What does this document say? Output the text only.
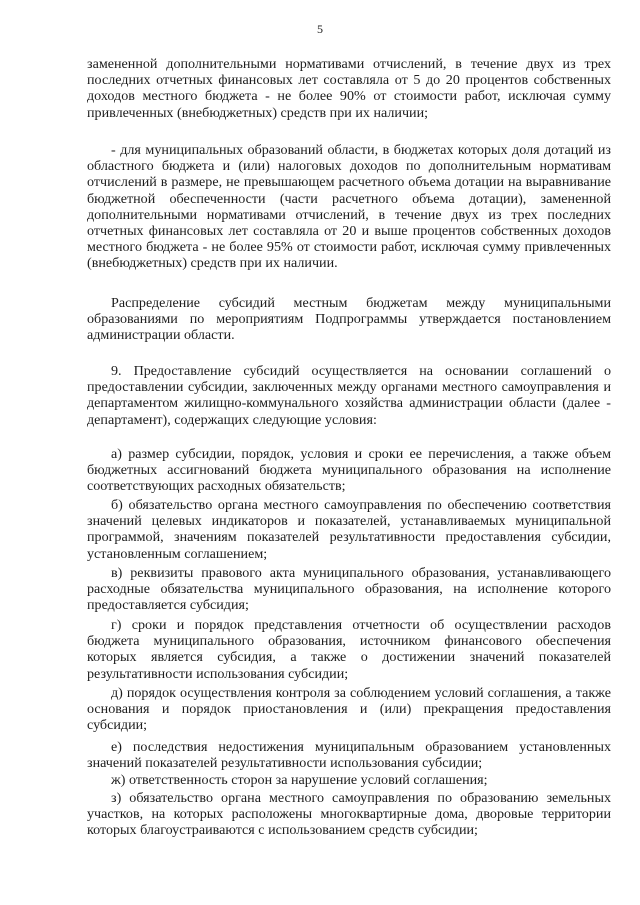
5

замененной дополнительными нормативами отчислений, в течение двух из трех последних отчетных финансовых лет составляла от 5 до 20 процентов собственных доходов местного бюджета - не более 90% от стоимости работ, исключая сумму привлеченных (внебюджетных) средств при их наличии;

- для муниципальных образований области, в бюджетах которых доля дотаций из областного бюджета и (или) налоговых доходов по дополнительным нормативам отчислений в размере, не превышающем расчетного объема дотации на выравнивание бюджетной обеспеченности (части расчетного объема дотации), замененной дополнительными нормативами отчислений, в течение двух из трех последних отчетных финансовых лет составляла от 20 и выше процентов собственных доходов местного бюджета - не более 95% от стоимости работ, исключая сумму привлеченных (внебюджетных) средств при их наличии.

Распределение субсидий местным бюджетам между муниципальными образованиями по мероприятиям Подпрограммы утверждается постановлением администрации области.

9. Предоставление субсидий осуществляется на основании соглашений о предоставлении субсидии, заключенных между органами местного самоуправления и департаментом жилищно-коммунального хозяйства администрации области (далее - департамент), содержащих следующие условия:

а) размер субсидии, порядок, условия и сроки ее перечисления, а также объем бюджетных ассигнований бюджета муниципального образования на исполнение соответствующих расходных обязательств;

б) обязательство органа местного самоуправления по обеспечению соответствия значений целевых индикаторов и показателей, устанавливаемых муниципальной программой, значениям показателей результативности предоставления субсидии, установленным соглашением;

в) реквизиты правового акта муниципального образования, устанавливающего расходные обязательства муниципального образования, на исполнение которого предоставляется субсидия;

г) сроки и порядок представления отчетности об осуществлении расходов бюджета муниципального образования, источником финансового обеспечения которых является субсидия, а также о достижении значений показателей результативности использования субсидии;

д) порядок осуществления контроля за соблюдением условий соглашения, а также основания и порядок приостановления и (или) прекращения предоставления субсидии;

е) последствия недостижения муниципальным образованием установленных значений показателей результативности использования субсидии;

ж) ответственность сторон за нарушение условий соглашения;

з) обязательство органа местного самоуправления по образованию земельных участков, на которых расположены многоквартирные дома, дворовые территории которых благоустраиваются с использованием средств субсидии;
